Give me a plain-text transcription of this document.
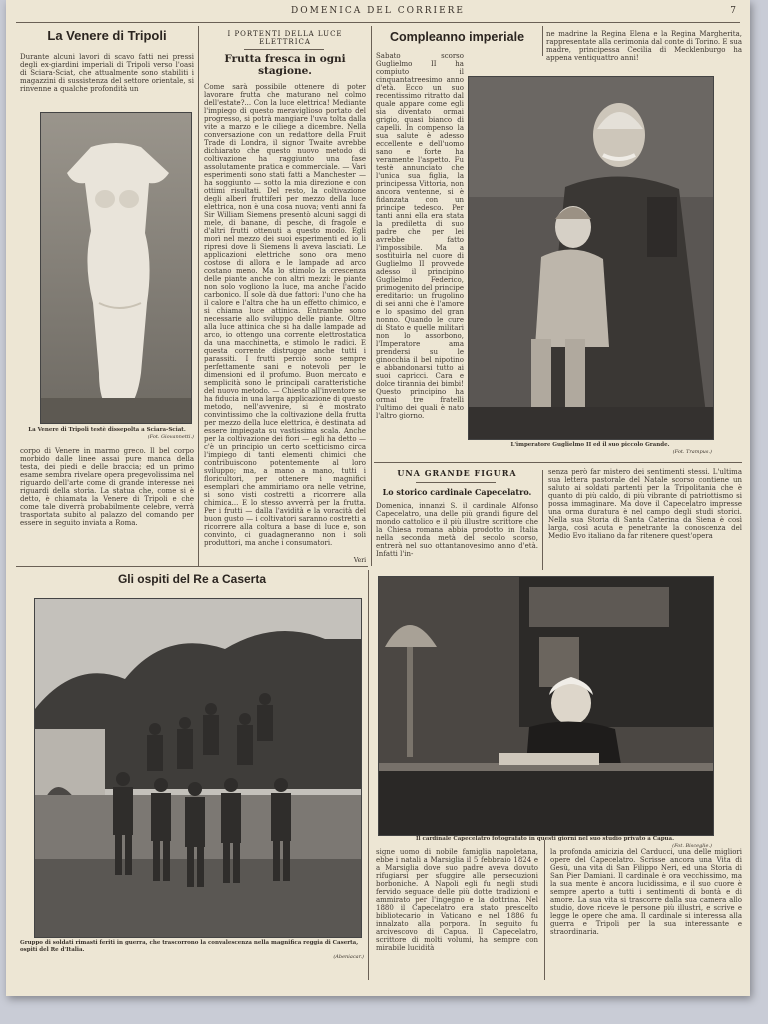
DOMENICA DEL CORRIERE	7
La Venere di Tripoli
Durante alcuni lavori di scavo fatti nei pressi degli ex-giardini imperiali di Tripoli verso l'oasi di Sciara-Sciat, che attualmente sono stabiliti i magazzini di sussistenza del settore orientale, si rinvenne a qualche profondità un
La Venere di Tripoli testè dissepolta a Sciara-Sciat.
(Fot. Giovannetti.)
corpo di Venere in marmo greco. Il bel corpo morbido dalle linee assai pure manca della testa, dei piedi e delle braccia; ed un primo esame sembra rivelare opera pregevolissima nel riguardo dell'arte come di grande interesse nei riguardi della storia. La statua che, come si è detto, è chiamata la Venere di Tripoli e che come tale diverrà probabilmente celebre, verrà trasportata subito al palazzo del comando per essere in seguito inviata a Roma.
I PORTENTI DELLA LUCE ELETTRICA
Frutta fresca in ogni stagione.
Come sarà possibile ottenere di poter lavorare frutta che maturano nel colmo dell'estate?... Con la luce elettrica! Mediante l'impiego di questo meraviglioso portato del progresso, si potrà mangiare l'uva tolta dalla vite a marzo e le ciliege a dicembre. Nella conversazione con un redattore della Fruit Trade di Londra, il signor Twaite avrebbe dichiarato che questo nuovo metodo di coltivazione ha raggiunto una fase assolutamente pratica e commerciale. — Vari esperimenti sono stati fatti a Manchester — ha soggiunto — sotto la mia direzione e con ottimi risultati. Del resto, la coltivazione degli alberi fruttiferi per mezzo della luce elettrica, non è una cosa nuova; venti anni fa Sir William Siemens presentò alcuni saggi di mele, di banane, di pesche, di fragole e d'altri frutti ottenuti a questo modo. Egli morì nel mezzo dei suoi esperimenti ed io li ripresi dove li Siemens li aveva lasciati. Le applicazioni elettriche sono ora meno costose di allora e le lampade ad arco costano meno. Ma lo stimolo la crescenza delle piante anche con altri mezzi: le piante non solo vogliono la luce, ma anche l'acido carbonico. Il sole dà due fattori: l'uno che ha il calore e l'altra che ha un effetto chimico, e si chiama luce attinica. Entrambe sono necessarie allo sviluppo delle piante. Oltre alla luce attinica che si ha dalle lampade ad arco, io ottengo una corrente elettrostatica da una macchinetta, e stimolo le radici. E questa corrente distrugge anche tutti i parassiti. I frutti perciò sono sempre perfettamente sani e notevoli per le dimensioni ed il profumo. Buon mercato e semplicità sono le principali caratteristiche del nuovo metodo. — Chiesto all'inventore se ha fiducia in una larga applicazione di questo metodo, nell'avvenire, si è mostrato convintissimo che la coltivazione della frutta per mezzo della luce elettrica, è destinata ad essere impiegata su vastissima scala. Anche per la coltivazione dei fiori — egli ha detto — c'è un principio un certo scetticismo circa l'impiego di tanti elementi chimici che contribuiscono potentemente al loro sviluppo; ma, a mano a mano, tutti i floricultori, per ottenere i magnifici esemplari che ammiriamo ora nelle vetrine, si sono visti costretti a ricorrere alla chimica... E lo stesso avverrà per la frutta. Per i frutti — dalla l'avidità e la voracità del buon gusto — i coltivatori saranno costretti a ricorrere alla coltura a base di luce e, son convinto, ci guadagneranno non i soli produttori, ma anche i consumatori.
Veri
Compleanno imperiale	ne madrine la Regina Elena e la Regina Margherita, rappresentate alla cerimonia dal conte di Torino. E sua madre, principessa Cecilia di Mecklenburgo ha appena ventiquattro anni!
Sabato scorso Guglielmo II ha compiuto il cinquantatreesimo anno d'età. Ecco un suo recentissimo ritratto dal quale appare come egli sia diventato ormai grigio, quasi bianco di capelli. In compenso la sua salute è adesso eccellente e dell'uomo sano e forte ha veramente l'aspetto. Fu testè annunciato che l'unica sua figlia, la principessa Vittoria, non ancora ventenne, si è fidanzata con un principe tedesco. Per tanti anni ella era stata la prediletta di suo padre che per lei avrebbe fatto l'impossibile. Ma a sostituirla nel cuore di Guglielmo II provvede adesso il principino Guglielmo Federico, primogenito del principe ereditario: un frugolino di sei anni che è l'amore e lo spasimo del gran nonno. Quando le cure di Stato e quelle militari non lo assorbono, l'Imperatore ama prendersi su le ginocchia il bel nipotino e abbandonarsi tutto ai suoi capricci. Cara e dolce tirannia dei bimbi! Questo principino ha ormai tre fratelli l'ultimo dei quali è nato l'altro giorno.
L'imperatore Guglielmo II ed il suo piccolo Grande.
(Fot. Trampus.)
UNA GRANDE FIGURA
Lo storico cardinale Capecelatro.
Domenica, innanzi S. il cardinale Alfonso Capecelatro, una delle più grandi figure del mondo cattolico e il più illustre scrittore che la Chiesa romana abbia prodotto in Italia nella seconda metà del secolo scorso, entrerà nel suo ottantanovesimo anno d'età. Infatti l'in-
senza però far mistero dei sentimenti stessi. L'ultima sua lettera pastorale del Natale scorso contiene un saluto ai soldati partenti per la Tripolitania che è quanto di più caldo, di più vibrante di patriottismo si possa immaginare. Ma dove il Capecelatro impresse una orma duratura è nel campo degli studi storici. Nella sua Storia di Santa Caterina da Siena è così larga, così acuta e penetrante la conoscenza del Medio Evo italiano da far ritenere quest'opera
Il cardinale Capecelatro fotografato in questi giorni nel suo studio privato a Capua.
(Fot. Bisceglie.)
signe uomo di nobile famiglia napoletana, ebbe i natali a Marsiglia il 5 febbraio 1824 e a Marsiglia dove suo padre aveva dovuto rifugiarsi per sfuggire alle persecuzioni borboniche. A Napoli egli fu negli studi fervido seguace delle più dotte tradizioni e ammirato per l'ingegno e la dottrina. Nel 1880 il Capecelatro era stato prescelto bibliotecario in Vaticano e nel 1886 fu innalzato alla porpora. In seguito fu arcivescovo di Capua. Il Capecelatro, scrittore di molti volumi, ha sempre con mirabile lucidità
la profonda amicizia del Carducci, una delle migliori opere del Capecelatro. Scrisse ancora una Vita di Gesù, una vita di San Filippo Neri, ed una Storia di San Pier Damiani. Il cardinale è ora vecchissimo, ma la sua mente è ancora lucidissima, e il suo cuore è sempre aperto a tutti i sentimenti di bontà e di amore. La sua vita si trascorre dalla sua camera allo studio, dove riceve le persone più illustri, e scrive e legge le opere che ama. Il cardinale si interessa alla guerra e Tripoli per la sua interessante e straordinaria.
Gli ospiti del Re a Caserta
Gruppo di soldati rimasti feriti in guerra, che trascorrono la convalescenza nella magnifica reggia di Caserta, ospiti del Re d'Italia.
(Abeniacar.)
